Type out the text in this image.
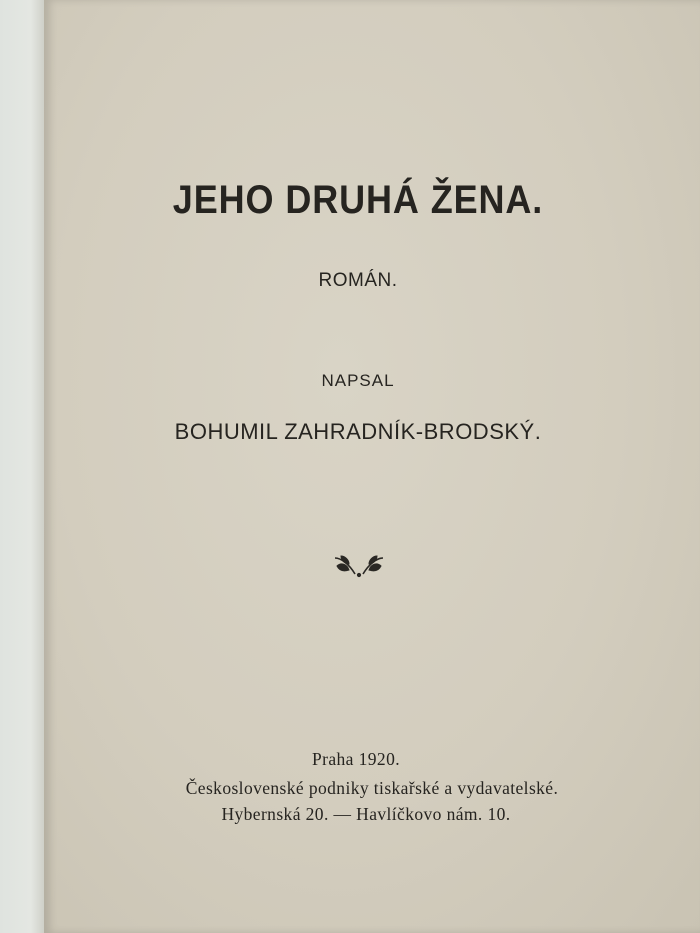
JEHO DRUHÁ ŽENA.

ROMÁN.

NAPSAL

BOHUMIL ZAHRADNÍK-BRODSKÝ.

Praha 1920.

Československé podniky tiskařské a vydavatelské.

Hybernská 20. — Havlíčkovo nám. 10.
